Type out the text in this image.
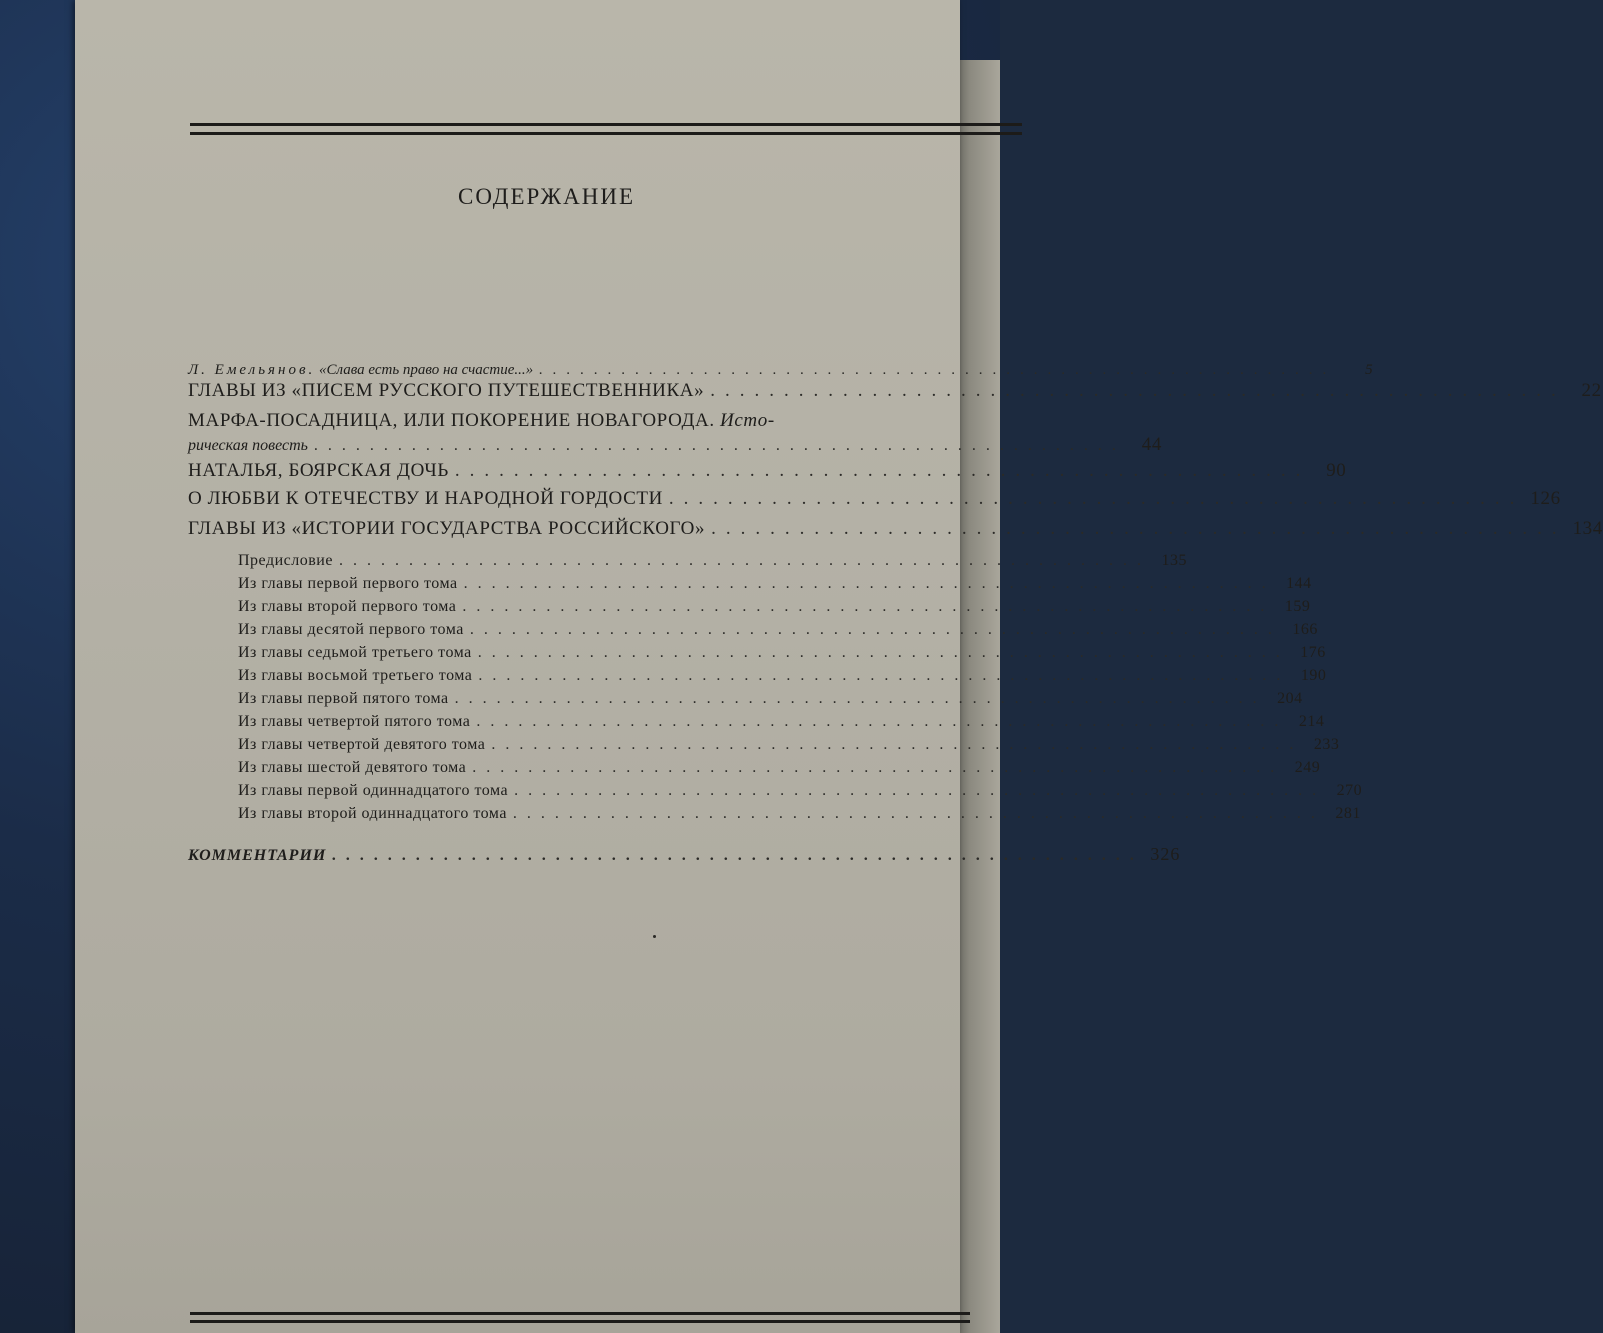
СОДЕРЖАНИЕ
Л. Емельянов. «Слава есть право на счастие...» ..........................................................	5
ГЛАВЫ ИЗ «ПИСЕМ РУССКОГО ПУТЕШЕСТВЕННИКА» .......................................................... 22
МАРФА-ПОСАДНИЦА, ИЛИ ПОКОРЕНИЕ НОВАГОРОДА. Исто-
рическая повесть .......................................................... 44
НАТАЛЬЯ, БОЯРСКАЯ ДОЧЬ .......................................................... 90
О ЛЮБВИ К ОТЕЧЕСТВУ И НАРОДНОЙ ГОРДОСТИ .......................................................... 126
ГЛАВЫ ИЗ «ИСТОРИИ ГОСУДАРСТВА РОССИЙСКОГО» .......................................................... 134
Предисловие .......................................................... 135
Из главы первой первого тома .......................................................... 144
Из главы второй первого тома .......................................................... 159
Из главы десятой первого тома .......................................................... 166
Из главы седьмой третьего тома .......................................................... 176
Из главы восьмой третьего тома .......................................................... 190
Из главы первой пятого тома .......................................................... 204
Из главы четвертой пятого тома .......................................................... 214
Из главы четвертой девятого тома .......................................................... 233
Из главы шестой девятого тома .......................................................... 249
Из главы первой одиннадцатого тома .......................................................... 270
Из главы второй одиннадцатого тома .......................................................... 281
КОММЕНТАРИИ .......................................................... 326
